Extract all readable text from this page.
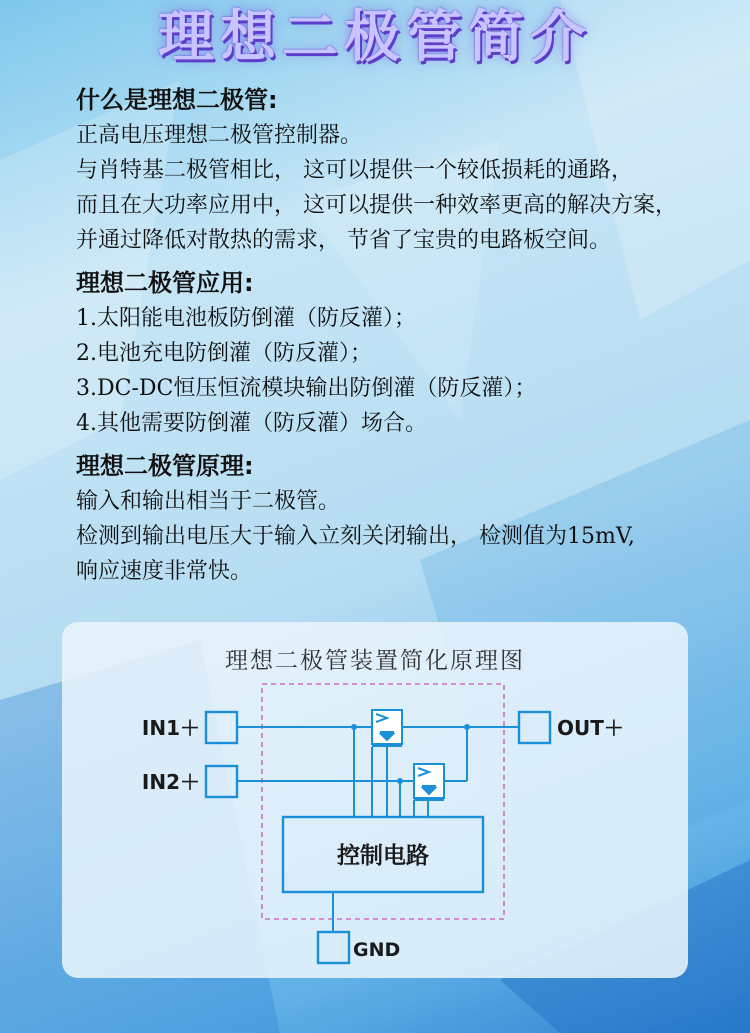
理想二极管简介
什么是理想二极管:
正高电压理想二极管控制器。
与肖特基二极管相比， 这可以提供一个较低损耗的通路，
而且在大功率应用中， 这可以提供一种效率更高的解决方案，
并通过降低对散热的需求， 节省了宝贵的电路板空间。
理想二极管应用:
1.太阳能电池板防倒灌（防反灌）；
2.电池充电防倒灌（防反灌）；
3.DC-DC恒压恒流模块输出防倒灌（防反灌）；
4.其他需要防倒灌（防反灌）场合。
理想二极管原理:
输入和输出相当于二极管。
检测到输出电压大于输入立刻关闭输出， 检测值为15mV,
响应速度非常快。
理想二极管装置简化原理图
IN1＋
IN2＋
OUT＋
GND
控制电路
